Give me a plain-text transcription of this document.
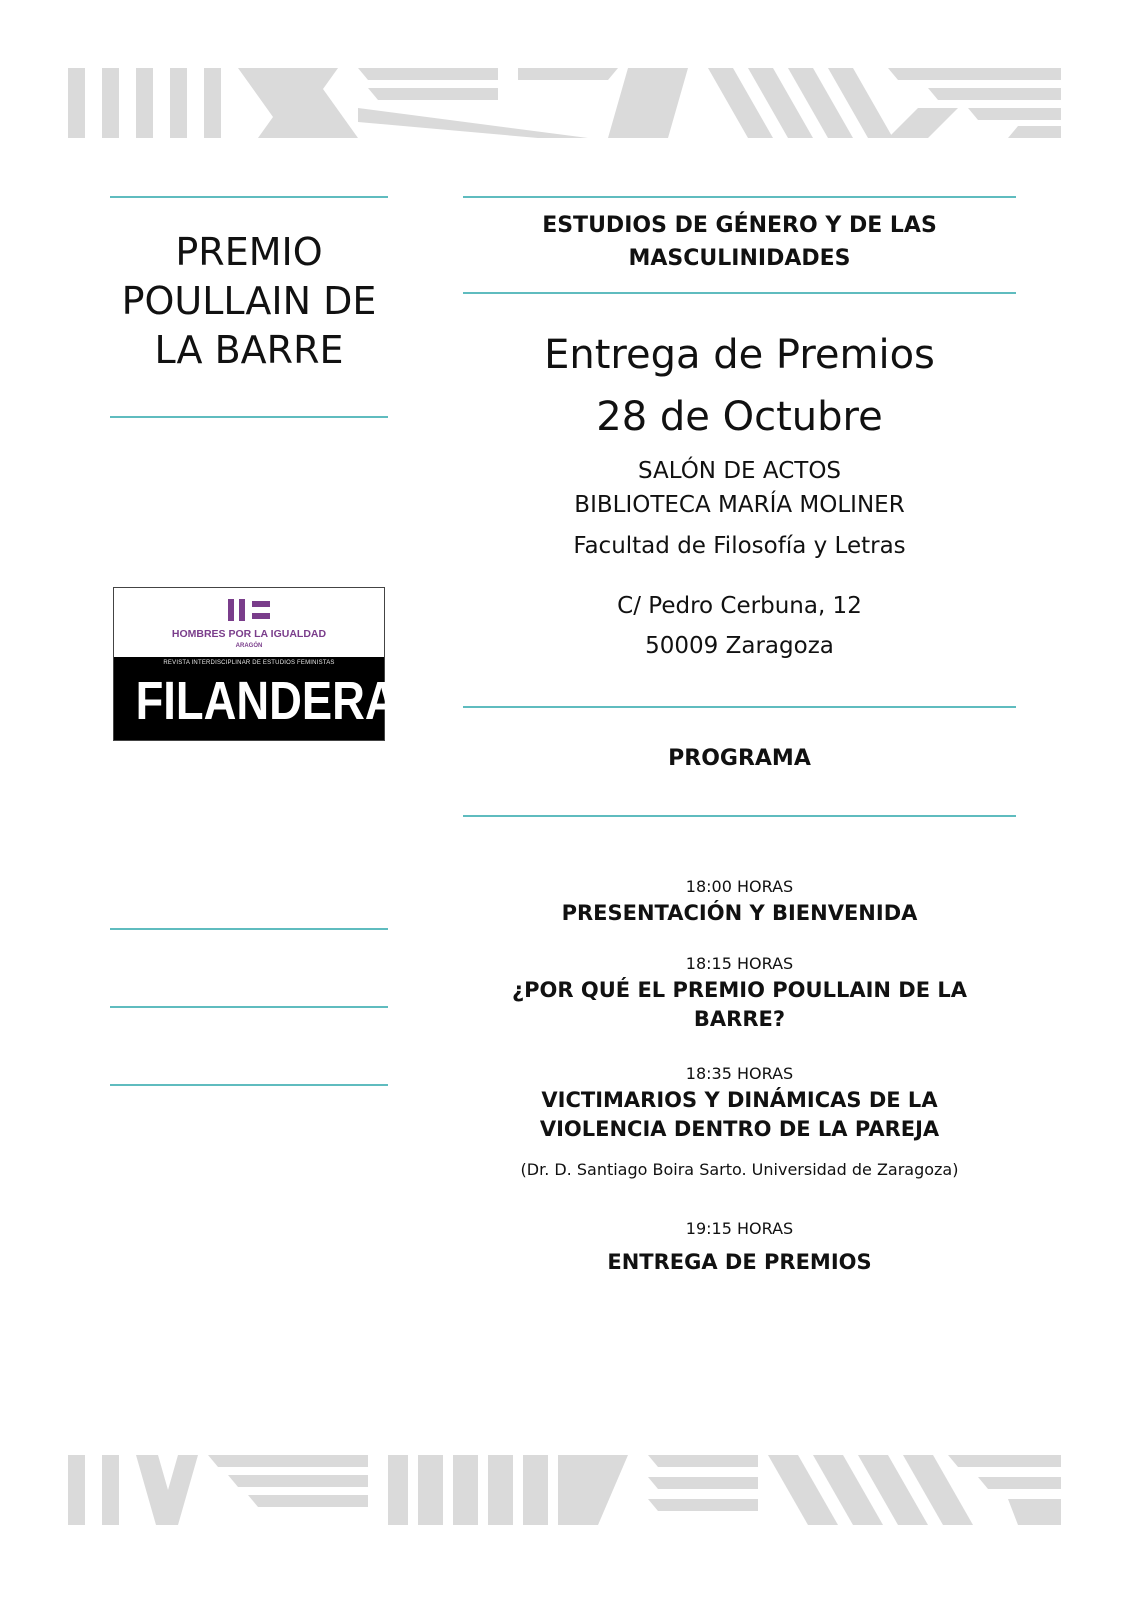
PREMIO
POULLAIN DE
LA BARRE
HOMBRES POR LA IGUALDAD
ARAGÓN
REVISTA INTERDISCIPLINAR DE ESTUDIOS FEMINISTAS
FILANDERAS
ESTUDIOS DE GÉNERO Y DE LAS
MASCULINIDADES
Entrega de Premios
28 de Octubre
SALÓN DE ACTOS
BIBLIOTECA MARÍA MOLINER
Facultad de Filosofía y Letras
C/ Pedro Cerbuna, 12
50009 Zaragoza
PROGRAMA
18:00 HORAS
PRESENTACIÓN Y BIENVENIDA
18:15 HORAS
¿POR QUÉ EL PREMIO POULLAIN DE LA
BARRE?
18:35 HORAS
VICTIMARIOS Y DINÁMICAS DE LA
VIOLENCIA DENTRO DE LA PAREJA
(Dr. D. Santiago Boira Sarto. Universidad de Zaragoza)
19:15 HORAS
ENTREGA DE PREMIOS
